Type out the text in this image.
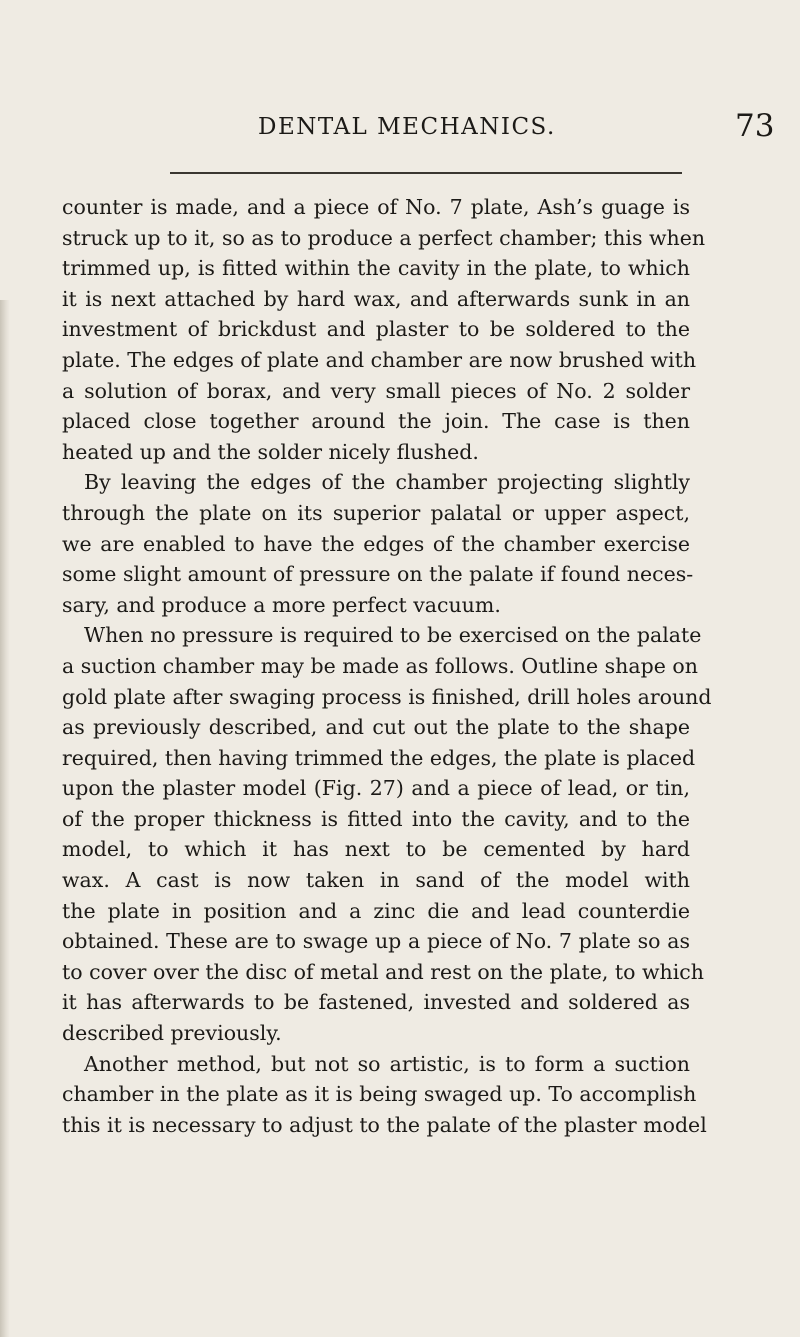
DENTAL MECHANICS.	73
counter is made, and a piece of No. 7 plate, Ash’s guage is
struck up to it, so as to produce a perfect chamber; this when
trimmed up, is fitted within the cavity in the plate, to which
it is next attached by hard wax, and afterwards sunk in an
investment of brickdust and plaster to be soldered to the
plate. The edges of plate and chamber are now brushed with
a solution of borax, and very small pieces of No. 2 solder
placed close together around the join. The case is then
heated up and the solder nicely flushed.
By leaving the edges of the chamber projecting slightly
through the plate on its superior palatal or upper aspect,
we are enabled to have the edges of the chamber exercise
some slight amount of pressure on the palate if found neces-
sary, and produce a more perfect vacuum.
When no pressure is required to be exercised on the palate
a suction chamber may be made as follows. Outline shape on
gold plate after swaging process is finished, drill holes around
as previously described, and cut out the plate to the shape
required, then having trimmed the edges, the plate is placed
upon the plaster model (Fig. 27) and a piece of lead, or tin,
of the proper thickness is fitted into the cavity, and to the
model, to which it has next to be cemented by hard
wax. A cast is now taken in sand of the model with
the plate in position and a zinc die and lead counterdie
obtained. These are to swage up a piece of No. 7 plate so as
to cover over the disc of metal and rest on the plate, to which
it has afterwards to be fastened, invested and soldered as
described previously.
Another method, but not so artistic, is to form a suction
chamber in the plate as it is being swaged up. To accomplish
this it is necessary to adjust to the palate of the plaster model
